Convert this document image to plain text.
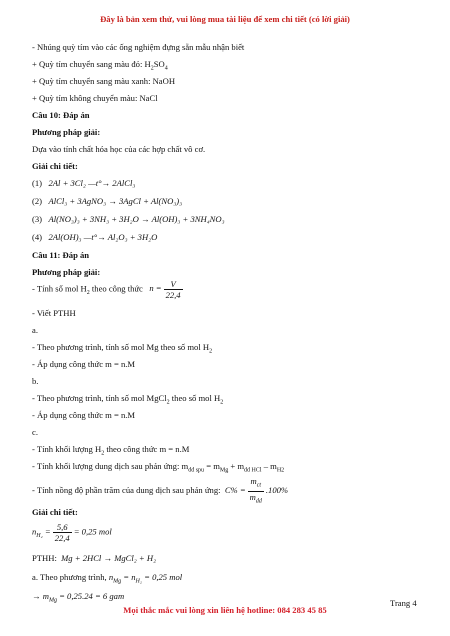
Đây là bản xem thử, vui lòng mua tài liệu để xem chi tiết (có lời giải)
- Nhúng quỳ tím vào các ống nghiệm đựng sẵn mẫu nhận biết
+ Quỳ tím chuyển sang màu đỏ: $H_2SO_4$
+ Quỳ tím chuyển sang màu xanh: NaOH
+ Quỳ tím không chuyển màu: NaCl
Câu 10: Đáp án
Phương pháp giải:
Dựa vào tính chất hóa học của các hợp chất vô cơ.
Giải chi tiết:
(1) 2Al + 3Cl₂ —t°→ 2AlCl₃
(2) AlCl₃ + 3AgNO₃ → 3AgCl + Al(NO₃)₃
(3) Al(NO₃)₃ + 3NH₃ + 3H₂O → Al(OH)₃ + 3NH₄NO₃
(4) 2Al(OH)₃ —t°→ Al₂O₃ + 3H₂O
Câu 11: Đáp án
Phương pháp giải:
- Tính số mol $H_2$ theo công thức $n = \frac{V}{22,4}$
- Viết PTHH
a.
- Theo phương trình, tính số mol Mg theo số mol $H_2$
- Áp dụng công thức m = n.M
b.
- Theo phương trình, tính số mol MgCl$_2$ theo số mol $H_2$
- Áp dụng công thức m = n.M
c.
- Tính khối lượng $H_2$ theo công thức m = n.M
- Tính khối lượng dung dịch sau phản ứng: $m_{dd spu} = m_{Mg} + m_{dd HCl} - m_{H2}$
- Tính nồng độ phần trăm của dung dịch sau phản ứng: $C\% = \frac{m_{ct}}{m_{dd}} .100\%$
Giải chi tiết:
$n_{H_2} = \frac{5,6}{22,4} = 0,25$ mol
PTHH: Mg + 2HCl → MgCl₂ + H₂
a. Theo phương trình, $n_{Mg} = n_{H_2} = 0,25$ mol
→ $m_{Mg} = 0,25.24 = 6$ gam
Trang 4
Mọi thắc mắc vui lòng xin liên hệ hotline: 084 283 45 85
